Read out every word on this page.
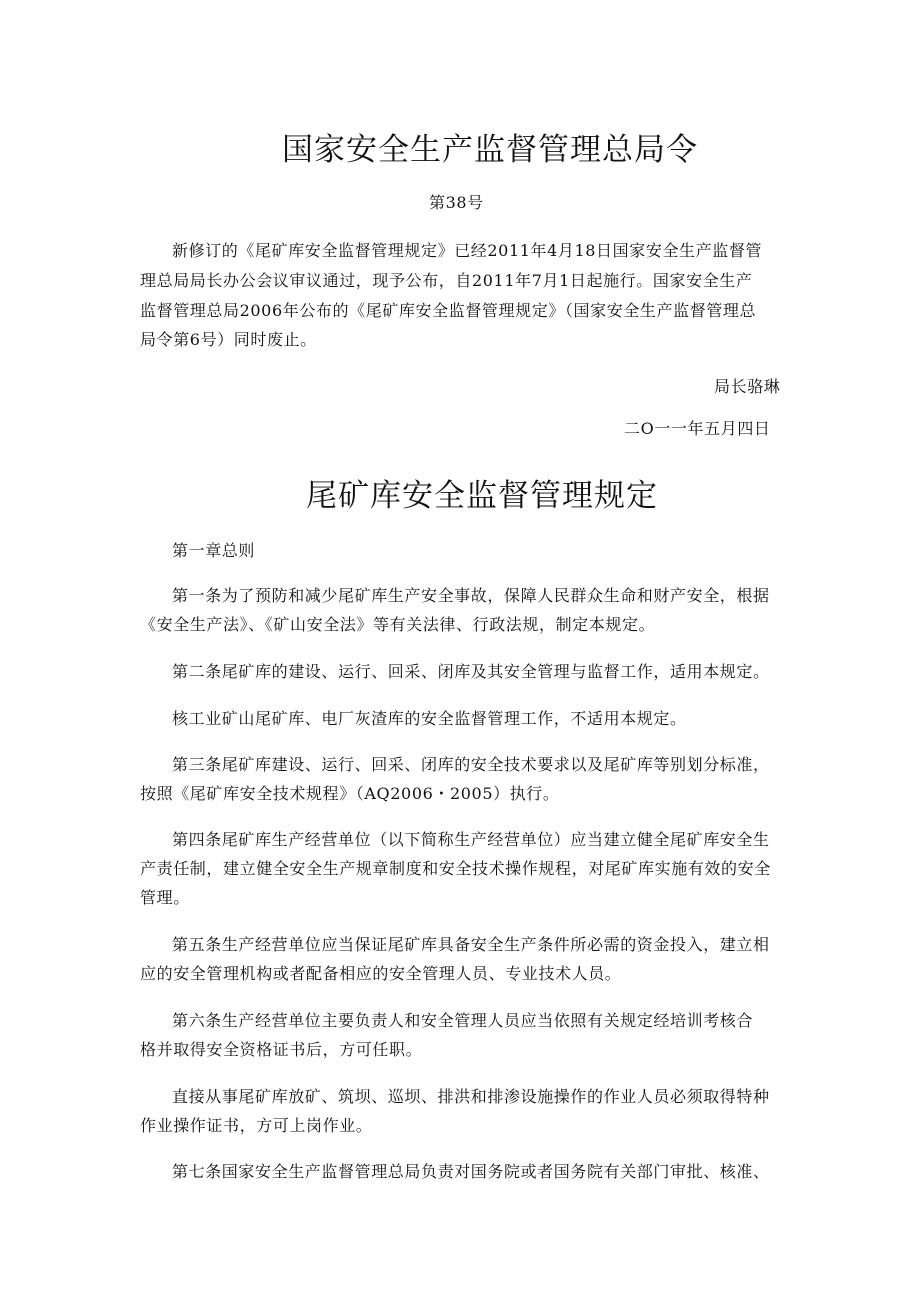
国家安全生产监督管理总局令
第38号
新修订的《尾矿库安全监督管理规定》已经2011年4月18日国家安全生产监督管
理总局局长办公会议审议通过，现予公布，自2011年7月1日起施行。国家安全生产
监督管理总局2006年公布的《尾矿库安全监督管理规定》（国家安全生产监督管理总
局令第6号）同时废止。
局长骆琳
二O一一年五月四日
尾矿库安全监督管理规定
第一章总则
第一条为了预防和减少尾矿库生产安全事故，保障人民群众生命和财产安全，根据
《安全生产法》、《矿山安全法》等有关法律、行政法规，制定本规定。
第二条尾矿库的建设、运行、回采、闭库及其安全管理与监督工作，适用本规定。
核工业矿山尾矿库、电厂灰渣库的安全监督管理工作，不适用本规定。
第三条尾矿库建设、运行、回采、闭库的安全技术要求以及尾矿库等别划分标准，
按照《尾矿库安全技术规程》（AQ2006・2005）执行。
第四条尾矿库生产经营单位（以下简称生产经营单位）应当建立健全尾矿库安全生
产责任制，建立健全安全生产规章制度和安全技术操作规程，对尾矿库实施有效的安全
管理。
第五条生产经营单位应当保证尾矿库具备安全生产条件所必需的资金投入，建立相
应的安全管理机构或者配备相应的安全管理人员、专业技术人员。
第六条生产经营单位主要负责人和安全管理人员应当依照有关规定经培训考核合
格并取得安全资格证书后，方可任职。
直接从事尾矿库放矿、筑坝、巡坝、排洪和排渗设施操作的作业人员必须取得特种
作业操作证书，方可上岗作业。
第七条国家安全生产监督管理总局负责对国务院或者国务院有关部门审批、核准、
